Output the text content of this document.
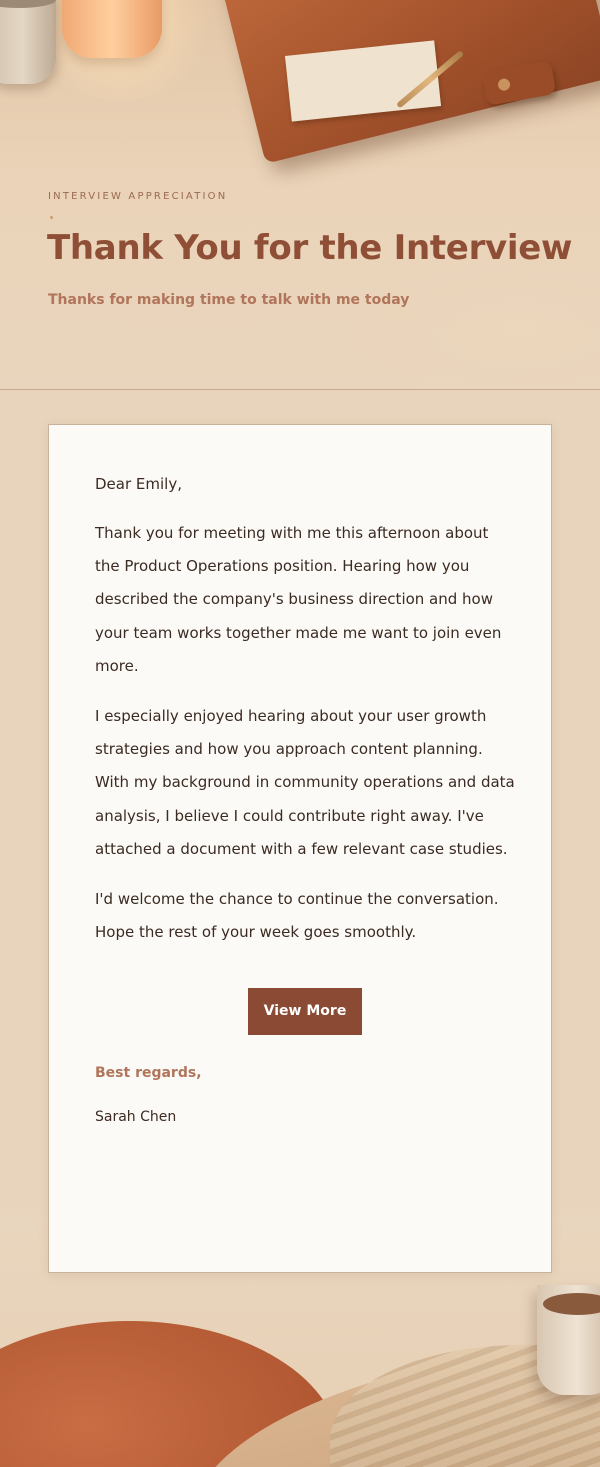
INTERVIEW APPRECIATION
Thank You for the Interview
Thanks for making time to talk with me today

Dear Emily,

Thank you for meeting with me this afternoon about the Product Operations position. Hearing how you described the company's business direction and how your team works together made me want to join even more.

I especially enjoyed hearing about your user growth strategies and how you approach content planning. With my background in community operations and data analysis, I believe I could contribute right away. I've attached a document with a few relevant case studies.

I'd welcome the chance to continue the conversation. Hope the rest of your week goes smoothly.

View More

Best regards,

Sarah Chen
